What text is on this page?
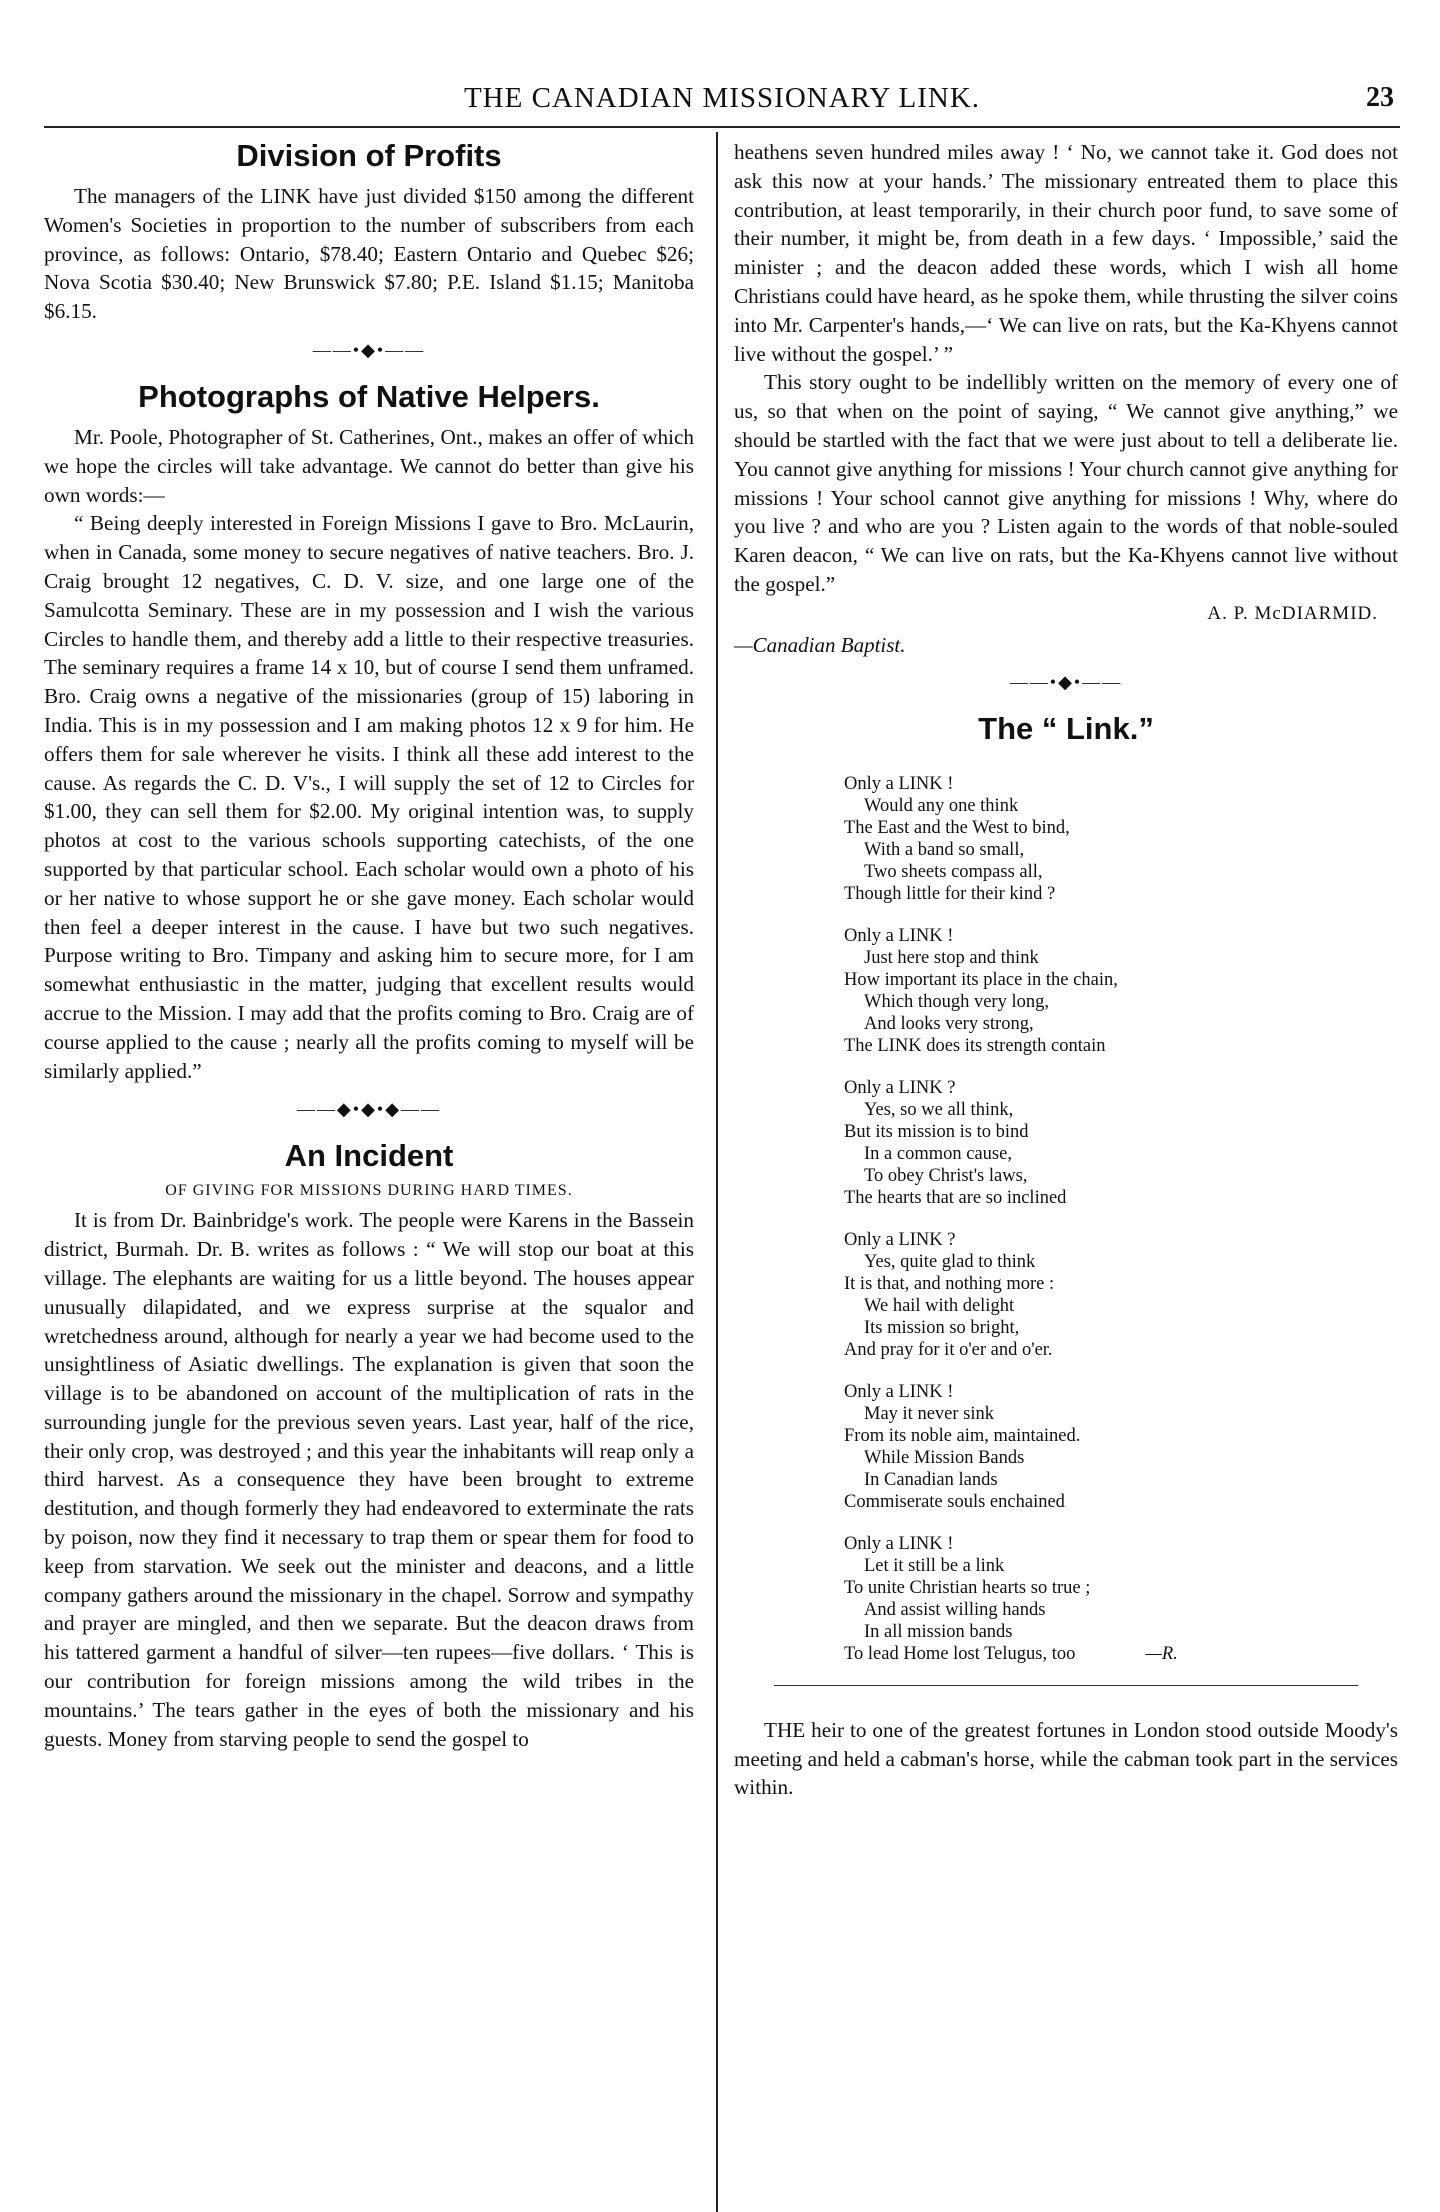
THE CANADIAN MISSIONARY LINK.	23
Division of Profits

The managers of the LINK have just divided $150 among the different Women's Societies in proportion to the number of subscribers from each province, as follows: Ontario, $78.40; Eastern Ontario and Quebec $26; Nova Scotia $30.40; New Brunswick $7.80; P.E. Island $1.15; Manitoba $6.15.

——•◆•——
Photographs of Native Helpers.

Mr. Poole, Photographer of St. Catherines, Ont., makes an offer of which we hope the circles will take advantage. We cannot do better than give his own words:—

“ Being deeply interested in Foreign Missions I gave to Bro. McLaurin, when in Canada, some money to secure negatives of native teachers. Bro. J. Craig brought 12 negatives, C. D. V. size, and one large one of the Samulcotta Seminary. These are in my possession and I wish the various Circles to handle them, and thereby add a little to their respective treasuries. The seminary requires a frame 14 x 10, but of course I send them unframed. Bro. Craig owns a negative of the missionaries (group of 15) laboring in India. This is in my possession and I am making photos 12 x 9 for him. He offers them for sale wherever he visits. I think all these add interest to the cause. As regards the C. D. V's., I will supply the set of 12 to Circles for $1.00, they can sell them for $2.00. My original intention was, to supply photos at cost to the various schools supporting catechists, of the one supported by that particular school. Each scholar would own a photo of his or her native to whose support he or she gave money. Each scholar would then feel a deeper interest in the cause. I have but two such negatives. Purpose writing to Bro. Timpany and asking him to secure more, for I am somewhat enthusiastic in the matter, judging that excellent results would accrue to the Mission. I may add that the profits coming to Bro. Craig are of course applied to the cause ; nearly all the profits coming to myself will be similarly applied.”

——◆•◆•◆——
An Incident
OF GIVING FOR MISSIONS DURING HARD TIMES.

It is from Dr. Bainbridge's work. The people were Karens in the Bassein district, Burmah. Dr. B. writes as follows : “ We will stop our boat at this village. The elephants are waiting for us a little beyond. The houses appear unusually dilapidated, and we express surprise at the squalor and wretchedness around, although for nearly a year we had become used to the unsightliness of Asiatic dwellings. The explanation is given that soon the village is to be abandoned on account of the multiplication of rats in the surrounding jungle for the previous seven years. Last year, half of the rice, their only crop, was destroyed ; and this year the inhabitants will reap only a third harvest. As a consequence they have been brought to extreme destitution, and though formerly they had endeavored to exterminate the rats by poison, now they find it necessary to trap them or spear them for food to keep from starvation. We seek out the minister and deacons, and a little company gathers around the missionary in the chapel. Sorrow and sympathy and prayer are mingled, and then we separate. But the deacon draws from his tattered garment a handful of silver—ten rupees—five dollars. ‘ This is our contribution for foreign missions among the wild tribes in the mountains.’ The tears gather in the eyes of both the missionary and his guests. Money from starving people to send the gospel to

heathens seven hundred miles away ! ‘ No, we cannot take it. God does not ask this now at your hands.’ The missionary entreated them to place this contribution, at least temporarily, in their church poor fund, to save some of their number, it might be, from death in a few days. ‘ Impossible,’ said the minister ; and the deacon added these words, which I wish all home Christians could have heard, as he spoke them, while thrusting the silver coins into Mr. Carpenter's hands,—‘ We can live on rats, but the Ka-Khyens cannot live without the gospel.’ ”

This story ought to be indellibly written on the memory of every one of us, so that when on the point of saying, “ We cannot give anything,” we should be startled with the fact that we were just about to tell a deliberate lie. You cannot give anything for missions ! Your church cannot give anything for missions ! Your school cannot give anything for missions ! Why, where do you live ? and who are you ? Listen again to the words of that noble-souled Karen deacon, “ We can live on rats, but the Ka-Khyens cannot live without the gospel.”

A. P. McDIARMID.
—Canadian Baptist.
——•◆•——
The “ Link.”
Only a LINK !
Would any one think
The East and the West to bind,
With a band so small,
Two sheets compass all,
Though little for their kind ?
Only a LINK !
Just here stop and think
How important its place in the chain,
Which though very long,
And looks very strong,
The LINK does its strength contain
Only a LINK ?
Yes, so we all think,
But its mission is to bind
In a common cause,
To obey Christ's laws,
The hearts that are so inclined
Only a LINK ?
Yes, quite glad to think
It is that, and nothing more :
We hail with delight
Its mission so bright,
And pray for it o'er and o'er.
Only a LINK !
May it never sink
From its noble aim, maintained.
While Mission Bands
In Canadian lands
Commiserate souls enchained
Only a LINK !
Let it still be a link
To unite Christian hearts so true ;
And assist willing hands
In all mission bands
To lead Home lost Telugus, too	—R.

THE heir to one of the greatest fortunes in London stood outside Moody's meeting and held a cabman's horse, while the cabman took part in the services within.
